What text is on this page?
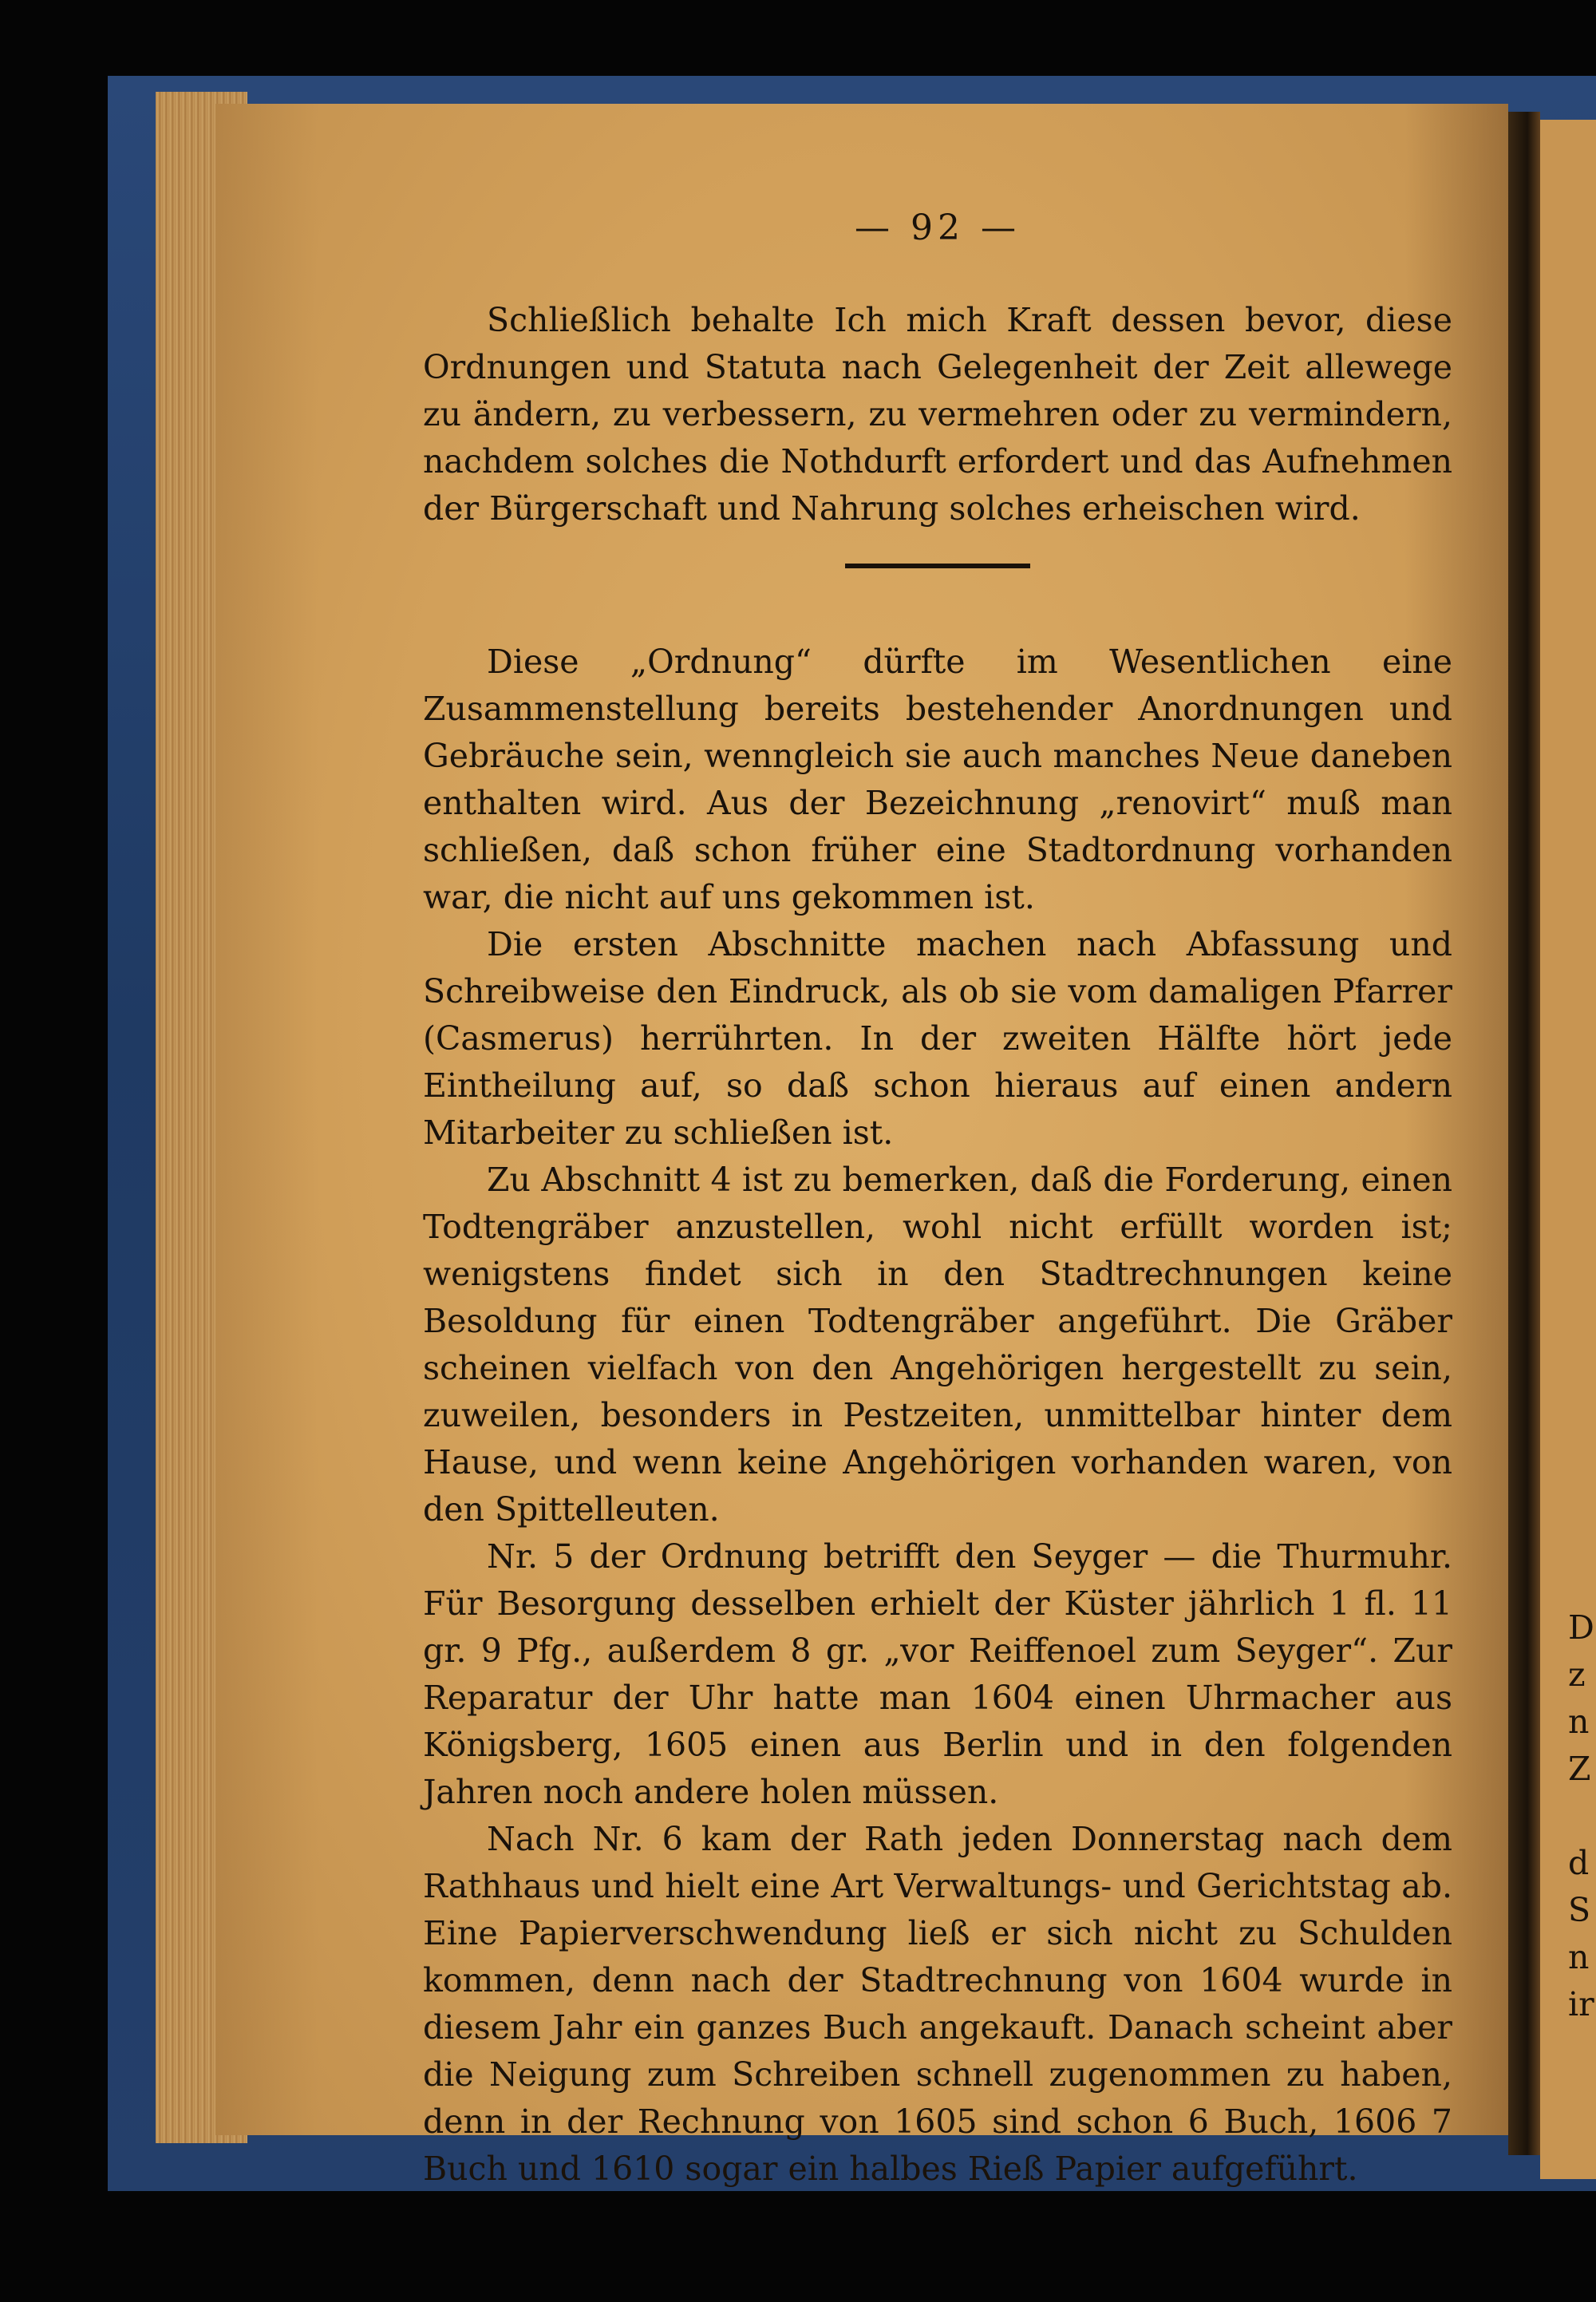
— 92 —

Schließlich behalte Ich mich Kraft dessen bevor, diese Ordnungen und Statuta nach Gelegenheit der Zeit allewege zu ändern, zu verbessern, zu vermehren oder zu vermindern, nachdem solches die Nothdurft erfordert und das Aufnehmen der Bürgerschaft und Nahrung solches erheischen wird.

Diese „Ordnung“ dürfte im Wesentlichen eine Zusammenstellung bereits bestehender Anordnungen und Gebräuche sein, wenngleich sie auch manches Neue daneben enthalten wird. Aus der Bezeichnung „renovirt“ muß man schließen, daß schon früher eine Stadtordnung vorhanden war, die nicht auf uns gekommen ist.

Die ersten Abschnitte machen nach Abfassung und Schreibweise den Eindruck, als ob sie vom damaligen Pfarrer (Casmerus) herrührten. In der zweiten Hälfte hört jede Eintheilung auf, so daß schon hieraus auf einen andern Mitarbeiter zu schließen ist.

Zu Abschnitt 4 ist zu bemerken, daß die Forderung, einen Todtengräber anzustellen, wohl nicht erfüllt worden ist; wenigstens findet sich in den Stadtrechnungen keine Besoldung für einen Todtengräber angeführt. Die Gräber scheinen vielfach von den Angehörigen hergestellt zu sein, zuweilen, besonders in Pestzeiten, unmittelbar hinter dem Hause, und wenn keine Angehörigen vorhanden waren, von den Spittelleuten.

Nr. 5 der Ordnung betrifft den Seyger — die Thurmuhr. Für Besorgung desselben erhielt der Küster jährlich 1 fl. 11 gr. 9 Pfg., außerdem 8 gr. „vor Reiffenoel zum Seyger“. Zur Reparatur der Uhr hatte man 1604 einen Uhrmacher aus Königsberg, 1605 einen aus Berlin und in den folgenden Jahren noch andere holen müssen.

Nach Nr. 6 kam der Rath jeden Donnerstag nach dem Rathhaus und hielt eine Art Verwaltungs- und Gerichtstag ab. Eine Papierverschwendung ließ er sich nicht zu Schulden kommen, denn nach der Stadtrechnung von 1604 wurde in diesem Jahr ein ganzes Buch angekauft. Danach scheint aber die Neigung zum Schreiben schnell zugenommen zu haben, denn in der Rechnung von 1605 sind schon 6 Buch, 1606 7 Buch und 1610 sogar ein halbes Rieß Papier aufgeführt.

D
z
n
Z
d
S
n
ir
